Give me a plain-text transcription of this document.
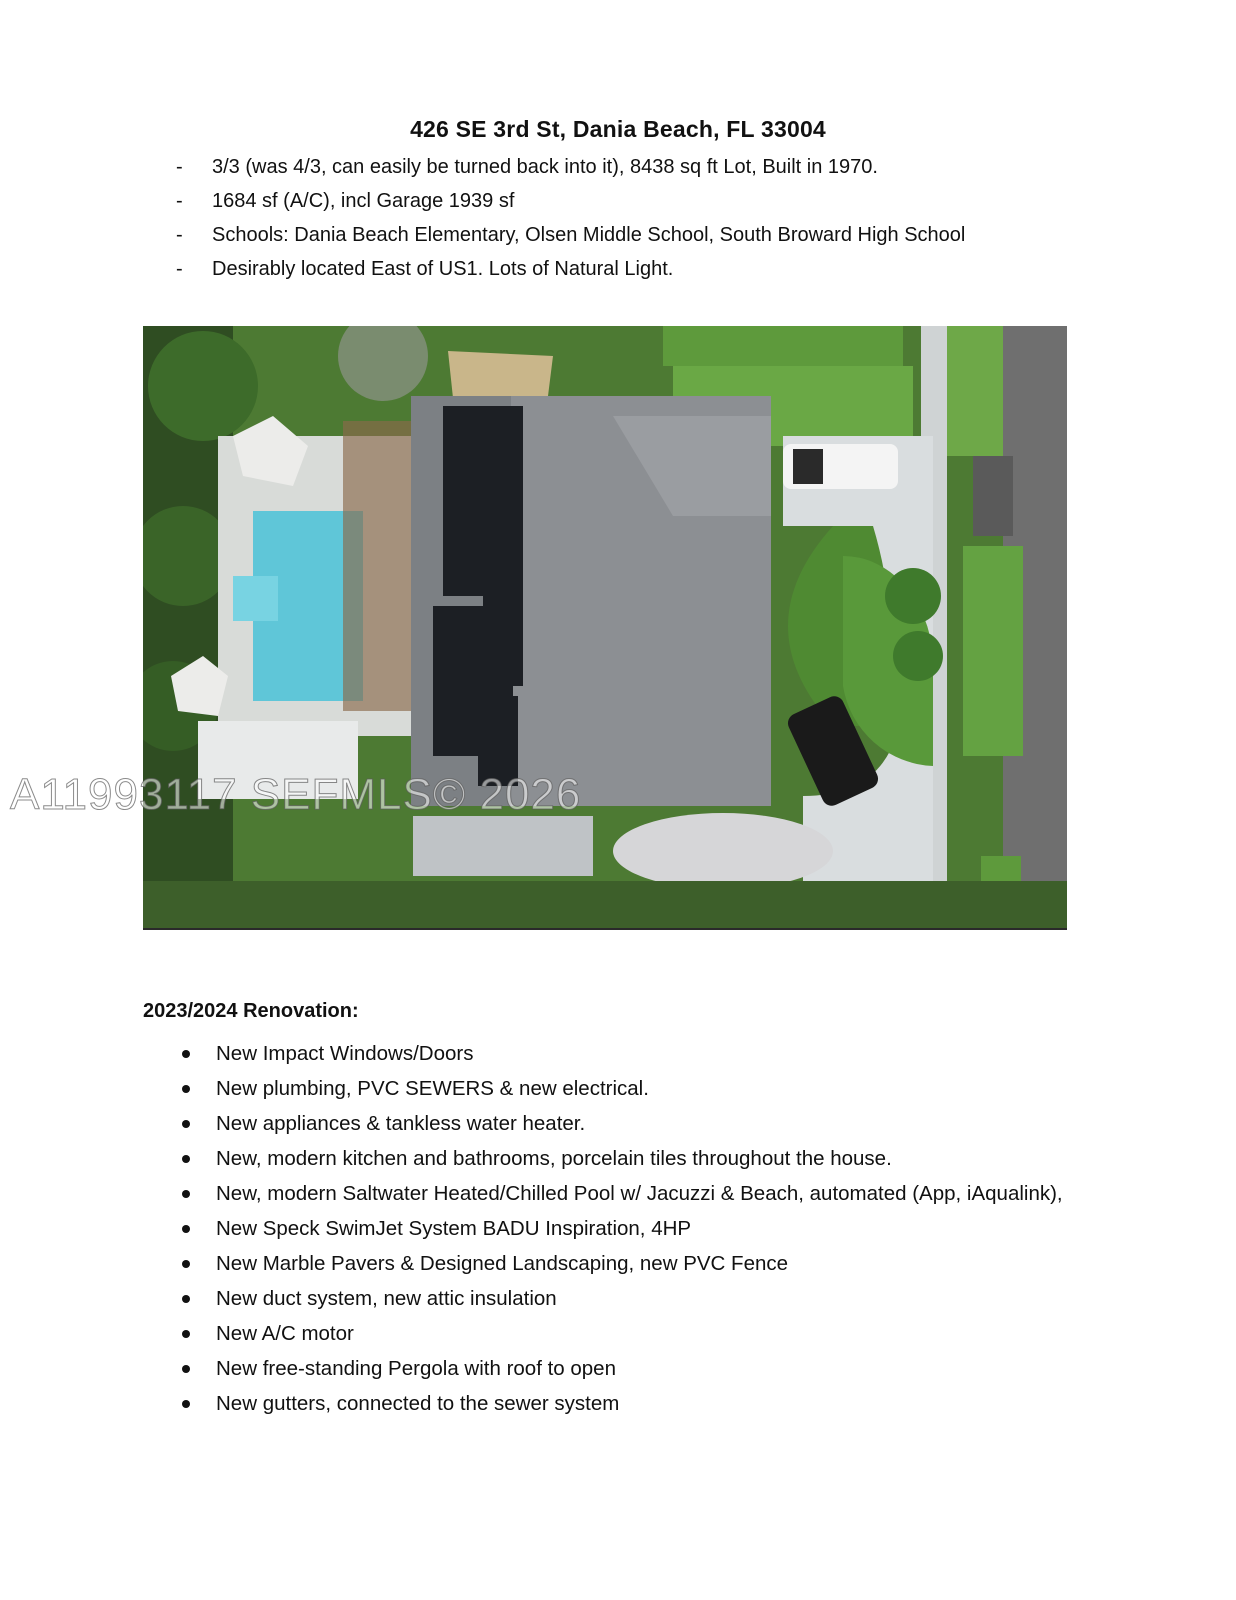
426 SE 3rd St, Dania Beach, FL 33004
-	3/3 (was 4/3, can easily be turned back into it), 8438 sq ft Lot, Built in 1970.
-	1684 sf (A/C), incl Garage 1939 sf
-	Schools: Dania Beach Elementary, Olsen Middle School, South Broward High School
-	Desirably located East of US1. Lots of Natural Light.
A11993117 SEFMLS© 2026
2023/2024 Renovation:
New Impact Windows/Doors
New plumbing, PVC SEWERS & new electrical.
New appliances & tankless water heater.
New, modern kitchen and bathrooms, porcelain tiles throughout the house.
New, modern Saltwater Heated/Chilled Pool w/ Jacuzzi & Beach, automated (App, iAqualink),
New Speck SwimJet System BADU Inspiration, 4HP
New Marble Pavers & Designed Landscaping, new PVC Fence
New duct system, new attic insulation
New A/C motor
New free-standing Pergola with roof to open
New gutters, connected to the sewer system
